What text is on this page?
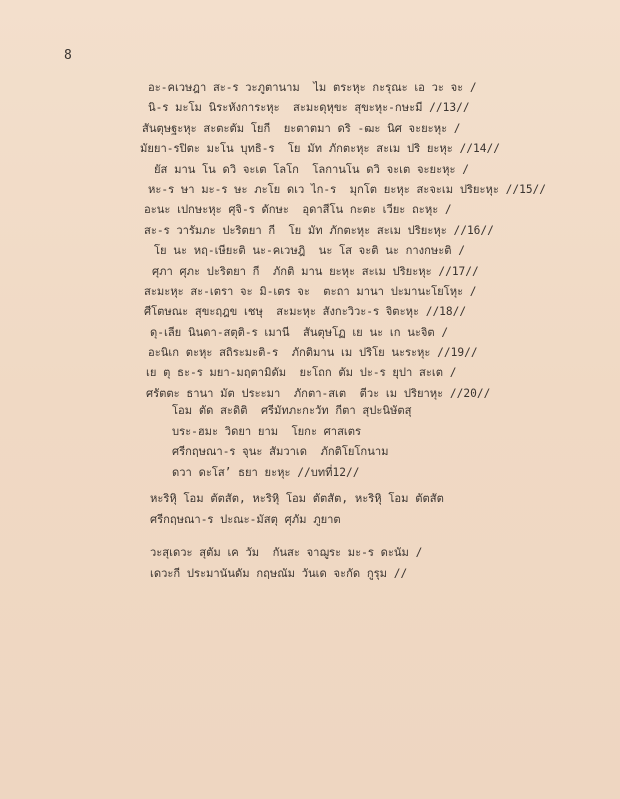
8
อะ-คเวษฎา สะ-ร วะภูตานาม  ไม ตระหุะ กะรุณะ เอ วะ จะ /
นิ-ร มะโม นิระหังการะหุะ  สะมะดุหุขะ สุขะหุะ-กษะมี //13//
สันตุษฐะหุะ สะตะตัม โยกี  ยะตาตมา ดริ -ฒะ นิศ จะยะหุะ /
มัยยา-รปิตะ มะโน บุทธิ-ร  โย มัท ภักตะหุะ สะเม ปริ ยะหุะ //14//
ยัส มาน โน ดวิ จะเต โลโก  โลกานโน ดวิ จะเต จะยะหุะ /
หะ-ร ษา มะ-ร ษะ ภะโย ดเว ไก-ร  มุกโต ยะหุะ สะจะเม ปริยะหุะ //15//
อะนะ เปกษะหุะ ศุจิ-ร ดักษะ  อุดาสีโน กะตะ เวียะ ถะหุะ /
สะ-ร วารัมภะ ปะริตยา กี  โย มัท ภักตะหุะ สะเม ปริยะหุะ //16//
โย นะ หฤ-เษียะติ นะ-คเวษฎิ  นะ โส จะติ นะ กางกษะติ /
ศุภา ศุภะ ปะริตยา กี  ภักติ มาน ยะหุะ สะเม ปริยะหุะ //17//
สะมะหุะ สะ-เตรา จะ มิ-เตร จะ  ตะถา มานา ปะมานะโยโหุะ /
ศีโตษณะ สุขะฤฎข เชษุ  สะมะหุะ สังกะวิวะ-ร จิตะหุะ //18//
ดุ-เลีย นินดา-สตุติ-ร เมานี  สันตุษโฏ เย นะ เก นะจิต /
อะนิเก ตะหุะ สถิระมะติ-ร  ภักติมาน เม ปริโย นะระหุะ //19//
เย ตุ ธะ-ร มยา-มฤตามิดัม  ยะโถก ตัม ปะ-ร ยุปา สะเต /
ศรัตตะ ธานา มัต ประะมา  ภักตา-สเต  ตีวะ เม ปริยาหุะ //20//
โอม ตัด สะดิติ  ศรีมัทภะกะวัท กีตา สุปะนิษัตสุ
บระ-ฮมะ วิดยา ยาม  โยกะ ศาสเตร
ศรีกฤษณา-ร จุนะ สัมวาเด  ภักติโยโกนาม
ดวา ดะโส’ ธยา ยะหุะ //บทที่12//
หะริหุิ โอม ตัตสัต, หะริหุิ โอม ตัตสัต, หะริหุิ โอม ตัตสัต
ศรีกฤษณา-ร ปะณะ-มัสตุ ศุภัม ภูยาต
วะสุเดวะ สุตัม เค วัม  กันสะ จาฌูระ มะ-ร ดะนัม /
เดวะกี ประมานันดัม กฤษณัม วันเด จะกัด กูรุม //
